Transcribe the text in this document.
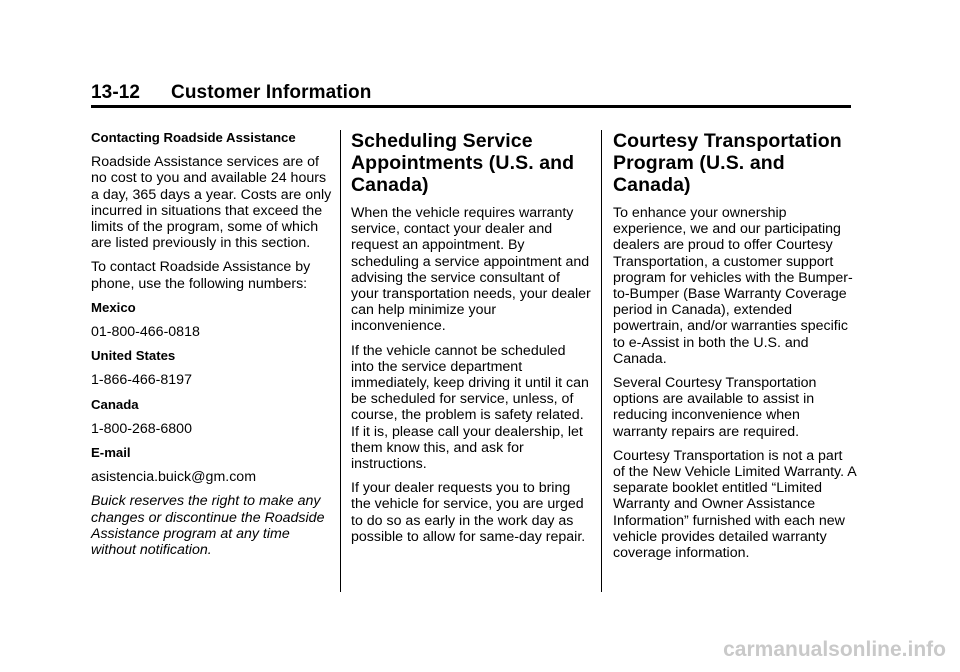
13-12 Customer Information

Contacting Roadside Assistance

Roadside Assistance services are of no cost to you and available 24 hours a day, 365 days a year. Costs are only incurred in situations that exceed the limits of the program, some of which are listed previously in this section.

To contact Roadside Assistance by phone, use the following numbers:

Mexico

01-800-466-0818

United States

1-866-466-8197

Canada

1-800-268-6800

E-mail

asistencia.buick@gm.com

Buick reserves the right to make any changes or discontinue the Roadside Assistance program at any time without notification.

Scheduling Service Appointments (U.S. and Canada)

When the vehicle requires warranty service, contact your dealer and request an appointment. By scheduling a service appointment and advising the service consultant of your transportation needs, your dealer can help minimize your inconvenience.

If the vehicle cannot be scheduled into the service department immediately, keep driving it until it can be scheduled for service, unless, of course, the problem is safety related. If it is, please call your dealership, let them know this, and ask for instructions.

If your dealer requests you to bring the vehicle for service, you are urged to do so as early in the work day as possible to allow for same-day repair.

Courtesy Transportation Program (U.S. and Canada)

To enhance your ownership experience, we and our participating dealers are proud to offer Courtesy Transportation, a customer support program for vehicles with the Bumper-to-Bumper (Base Warranty Coverage period in Canada), extended powertrain, and/or warranties specific to e-Assist in both the U.S. and Canada.

Several Courtesy Transportation options are available to assist in reducing inconvenience when warranty repairs are required.

Courtesy Transportation is not a part of the New Vehicle Limited Warranty. A separate booklet entitled “Limited Warranty and Owner Assistance Information” furnished with each new vehicle provides detailed warranty coverage information.

carmanualsonline.info
